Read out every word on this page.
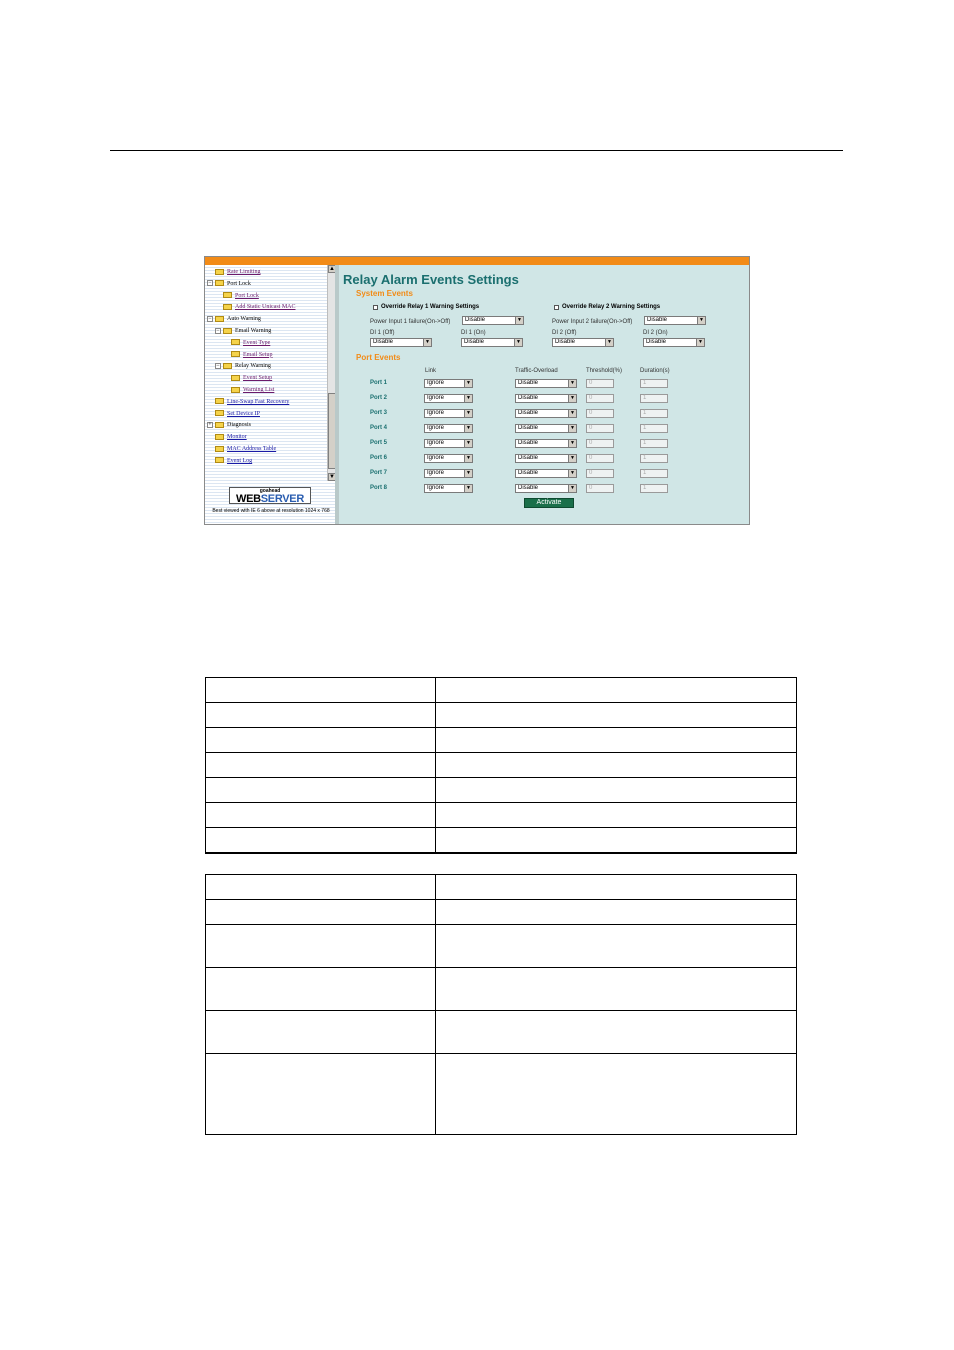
Rate Limiting
−	Port Lock
Port Lock
Add Static Unicast MAC
−	Auto Warning
−	Email Warning
Event Type
Email Setup
−	Relay Warning
Event Setup
Warning List
Line-Swap Fast Recovery
Set Device IP
+	Diagnosis
Monitor
MAC Address Table
Event Log
▲
▼
goahead
WEBSERVER
Best viewed with IE 6 above at resolution 1024 x 768
Relay Alarm Events Settings
System Events
Override Relay 1 Warning Settings	Override Relay 2 Warning Settings
Power Input 1 failure(On->Off)	Disable	▼	Power Input 2 failure(On->Off)	Disable	▼
DI 1 (Off)
Disable	▼
DI 1 (On)
Disable	▼
DI 2 (Off)
Disable	▼
DI 2 (On)
Disable	▼
Port Events
Link	Traffic-Overload	Threshold(%)	Duration(s)
Port 1	Ignore	▼	Disable	▼	0	1
Port 2	Ignore	▼	Disable	▼	0	1
Port 3	Ignore	▼	Disable	▼	0	1
Port 4	Ignore	▼	Disable	▼	0	1
Port 5	Ignore	▼	Disable	▼	0	1
Port 6	Ignore	▼	Disable	▼	0	1
Port 7	Ignore	▼	Disable	▼	0	1
Port 8	Ignore	▼	Disable	▼	0	1
Activate
